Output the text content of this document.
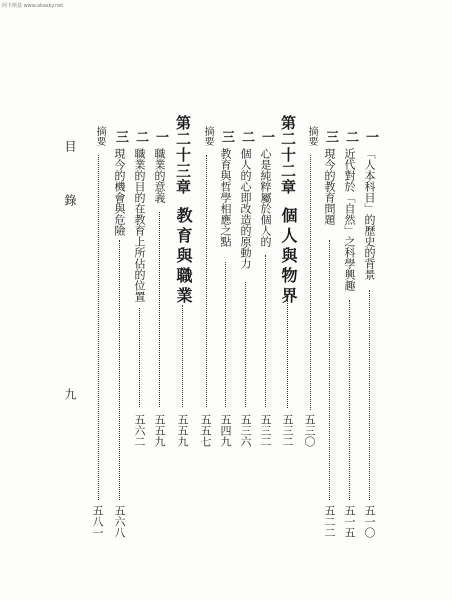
阿卡斯基 www.akasky.net
一
「人本科目」的歷史的背景
五一〇
二
近代對於「自然」之科學興趣
五一五
三
現今的教育問題
五二二
摘要
五三〇
第二十二章個人與物界
五三二
一
心是純粹屬於個人的
五三二
二
個人的心即改造的原動力
五三六
三
教育與哲學相應之點
五四九
摘要
五五七
第二十三章教育與職業
五五九
一
職業的意義
五五九
二
職業的目的在教育上所佔的位置
五六二
三
現今的機會與危險
五六八
摘要
五八一
目 錄
九
